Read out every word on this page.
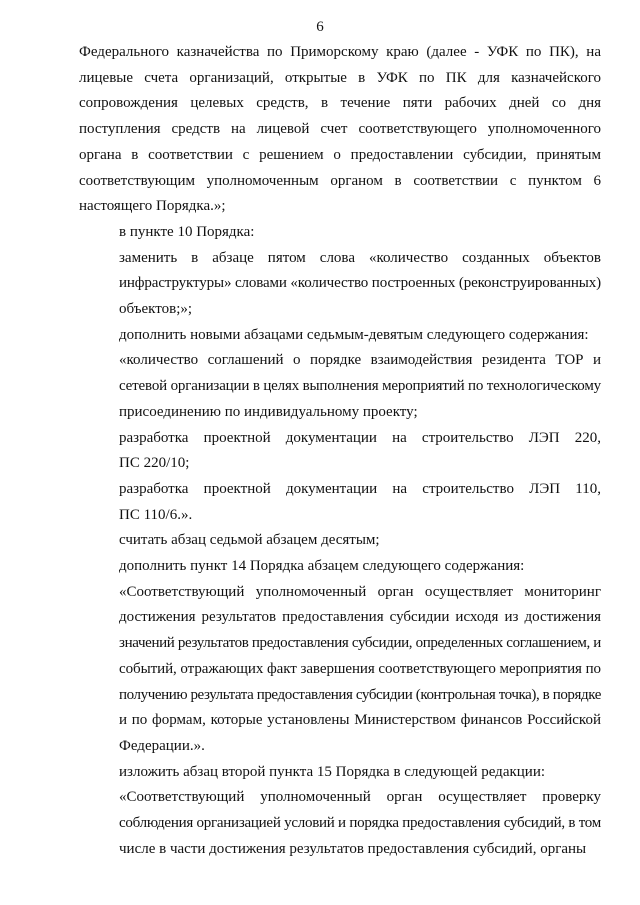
6

Федерального казначейства по Приморскому краю (далее - УФК по ПК), на
лицевые счета организаций, открытые в УФК по ПК для казначейского
сопровождения целевых средств, в течение пяти рабочих дней со дня
поступления средств на лицевой счет соответствующего уполномоченного
органа в соответствии с решением о предоставлении субсидии, принятым
соответствующим уполномоченным органом в соответствии с пунктом 6
настоящего Порядка.»;

в пункте 10 Порядка:

заменить в абзаце пятом слова «количество созданных объектов
инфраструктуры» словами «количество построенных (реконструированных)
объектов;»;

дополнить новыми абзацами седьмым-девятым следующего содержания:

«количество соглашений о порядке взаимодействия резидента ТОР и
сетевой организации в целях выполнения мероприятий по технологическому
присоединению по индивидуальному проекту;

разработка проектной документации на строительство ЛЭП 220,
ПС 220/10;

разработка проектной документации на строительство ЛЭП 110,
ПС 110/6.».

считать абзац седьмой абзацем десятым;

дополнить пункт 14 Порядка абзацем следующего содержания:

«Соответствующий уполномоченный орган осуществляет мониторинг
достижения результатов предоставления субсидии исходя из достижения
значений результатов предоставления субсидии, определенных соглашением, и
событий, отражающих факт завершения соответствующего мероприятия по
получению результата предоставления субсидии (контрольная точка), в порядке
и по формам, которые установлены Министерством финансов Российской
Федерации.».

изложить абзац второй пункта 15 Порядка в следующей редакции:

«Соответствующий уполномоченный орган осуществляет проверку
соблюдения организацией условий и порядка предоставления субсидий, в том
числе в части достижения результатов предоставления субсидий, органы
